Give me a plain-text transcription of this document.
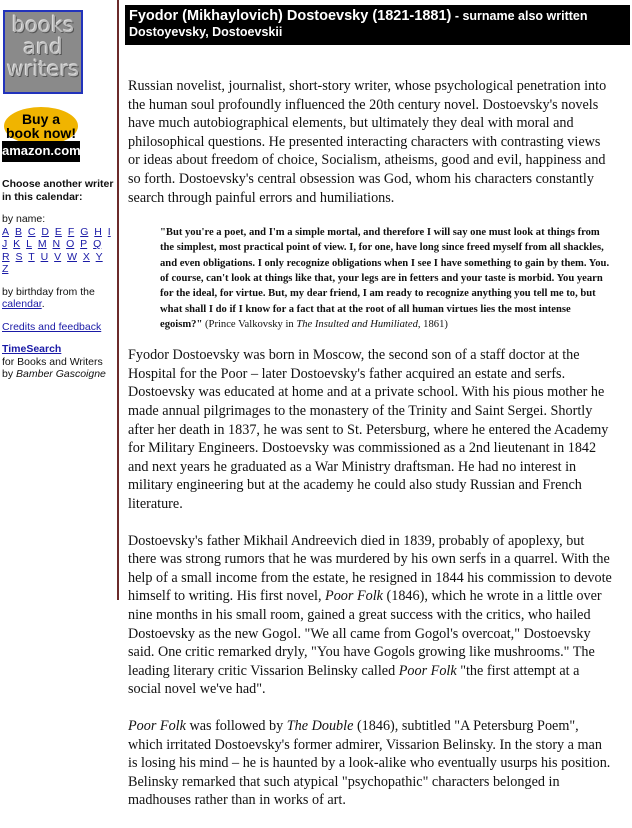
books
and
writers
Buy a book now!
amazon.com.

Choose another writer in this calendar:

by name:
A B C D E F G H I J K L M N O P Q R S T U V W X Y Z

by birthday from the calendar.

Credits and feedback

TimeSearch
for Books and Writers
by Bamber Gascoigne

Fyodor (Mikhaylovich) Dostoevsky (1821-1881) - surname also written Dostoyevsky, Dostoevskii

Russian novelist, journalist, short-story writer, whose psychological penetration into the human soul profoundly influenced the 20th century novel. Dostoevsky's novels have much autobiographical elements, but ultimately they deal with moral and philosophical questions. He presented interacting characters with contrasting views or ideas about freedom of choice, Socialism, atheisms, good and evil, happiness and so forth. Dostoevsky's central obsession was God, whom his characters constantly search through painful errors and humiliations.

"But you're a poet, and I'm a simple mortal, and therefore I will say one must look at things from the simplest, most practical point of view. I, for one, have long since freed myself from all shackles, and even obligations. I only recognize obligations when I see I have something to gain by them. You. of course, can't look at things like that, your legs are in fetters and your taste is morbid. You yearn for the ideal, for virtue. But, my dear friend, I am ready to recognize anything you tell me to, but what shall I do if I know for a fact that at the root of all human virtues lies the most intense egoism?" (Prince Valkovsky in The Insulted and Humiliated, 1861)

Fyodor Dostoevsky was born in Moscow, the second son of a staff doctor at the Hospital for the Poor – later Dostoevsky's father acquired an estate and serfs. Dostoevsky was educated at home and at a private school. With his pious mother he made annual pilgrimages to the monastery of the Trinity and Saint Sergei. Shortly after her death in 1837, he was sent to St. Petersburg, where he entered the Academy for Military Engineers. Dostoevsky was commissioned as a 2nd lieutenant in 1842 and next years he graduated as a War Ministry draftsman. He had no interest in military engineering but at the academy he could also study Russian and French literature.

Dostoevsky's father Mikhail Andreevich died in 1839, probably of apoplexy, but there was strong rumors that he was murdered by his own serfs in a quarrel. With the help of a small income from the estate, he resigned in 1844 his commission to devote himself to writing. His first novel, Poor Folk (1846), which he wrote in a little over nine months in his small room, gained a great success with the critics, who hailed Dostoevsky as the new Gogol. "We all came from Gogol's overcoat," Dostoevsky said. One critic remarked dryly, "You have Gogols growing like mushrooms." The leading literary critic Vissarion Belinsky called Poor Folk "the first attempt at a social novel we've had".

Poor Folk was followed by The Double (1846), subtitled "A Petersburg Poem", which irritated Dostoevsky's former admirer, Vissarion Belinsky. In the story a man is losing his mind – he is haunted by a look-alike who eventually usurps his position. Belinsky remarked that such atypical "psychopathic" characters belonged in madhouses rather than in works of art.
